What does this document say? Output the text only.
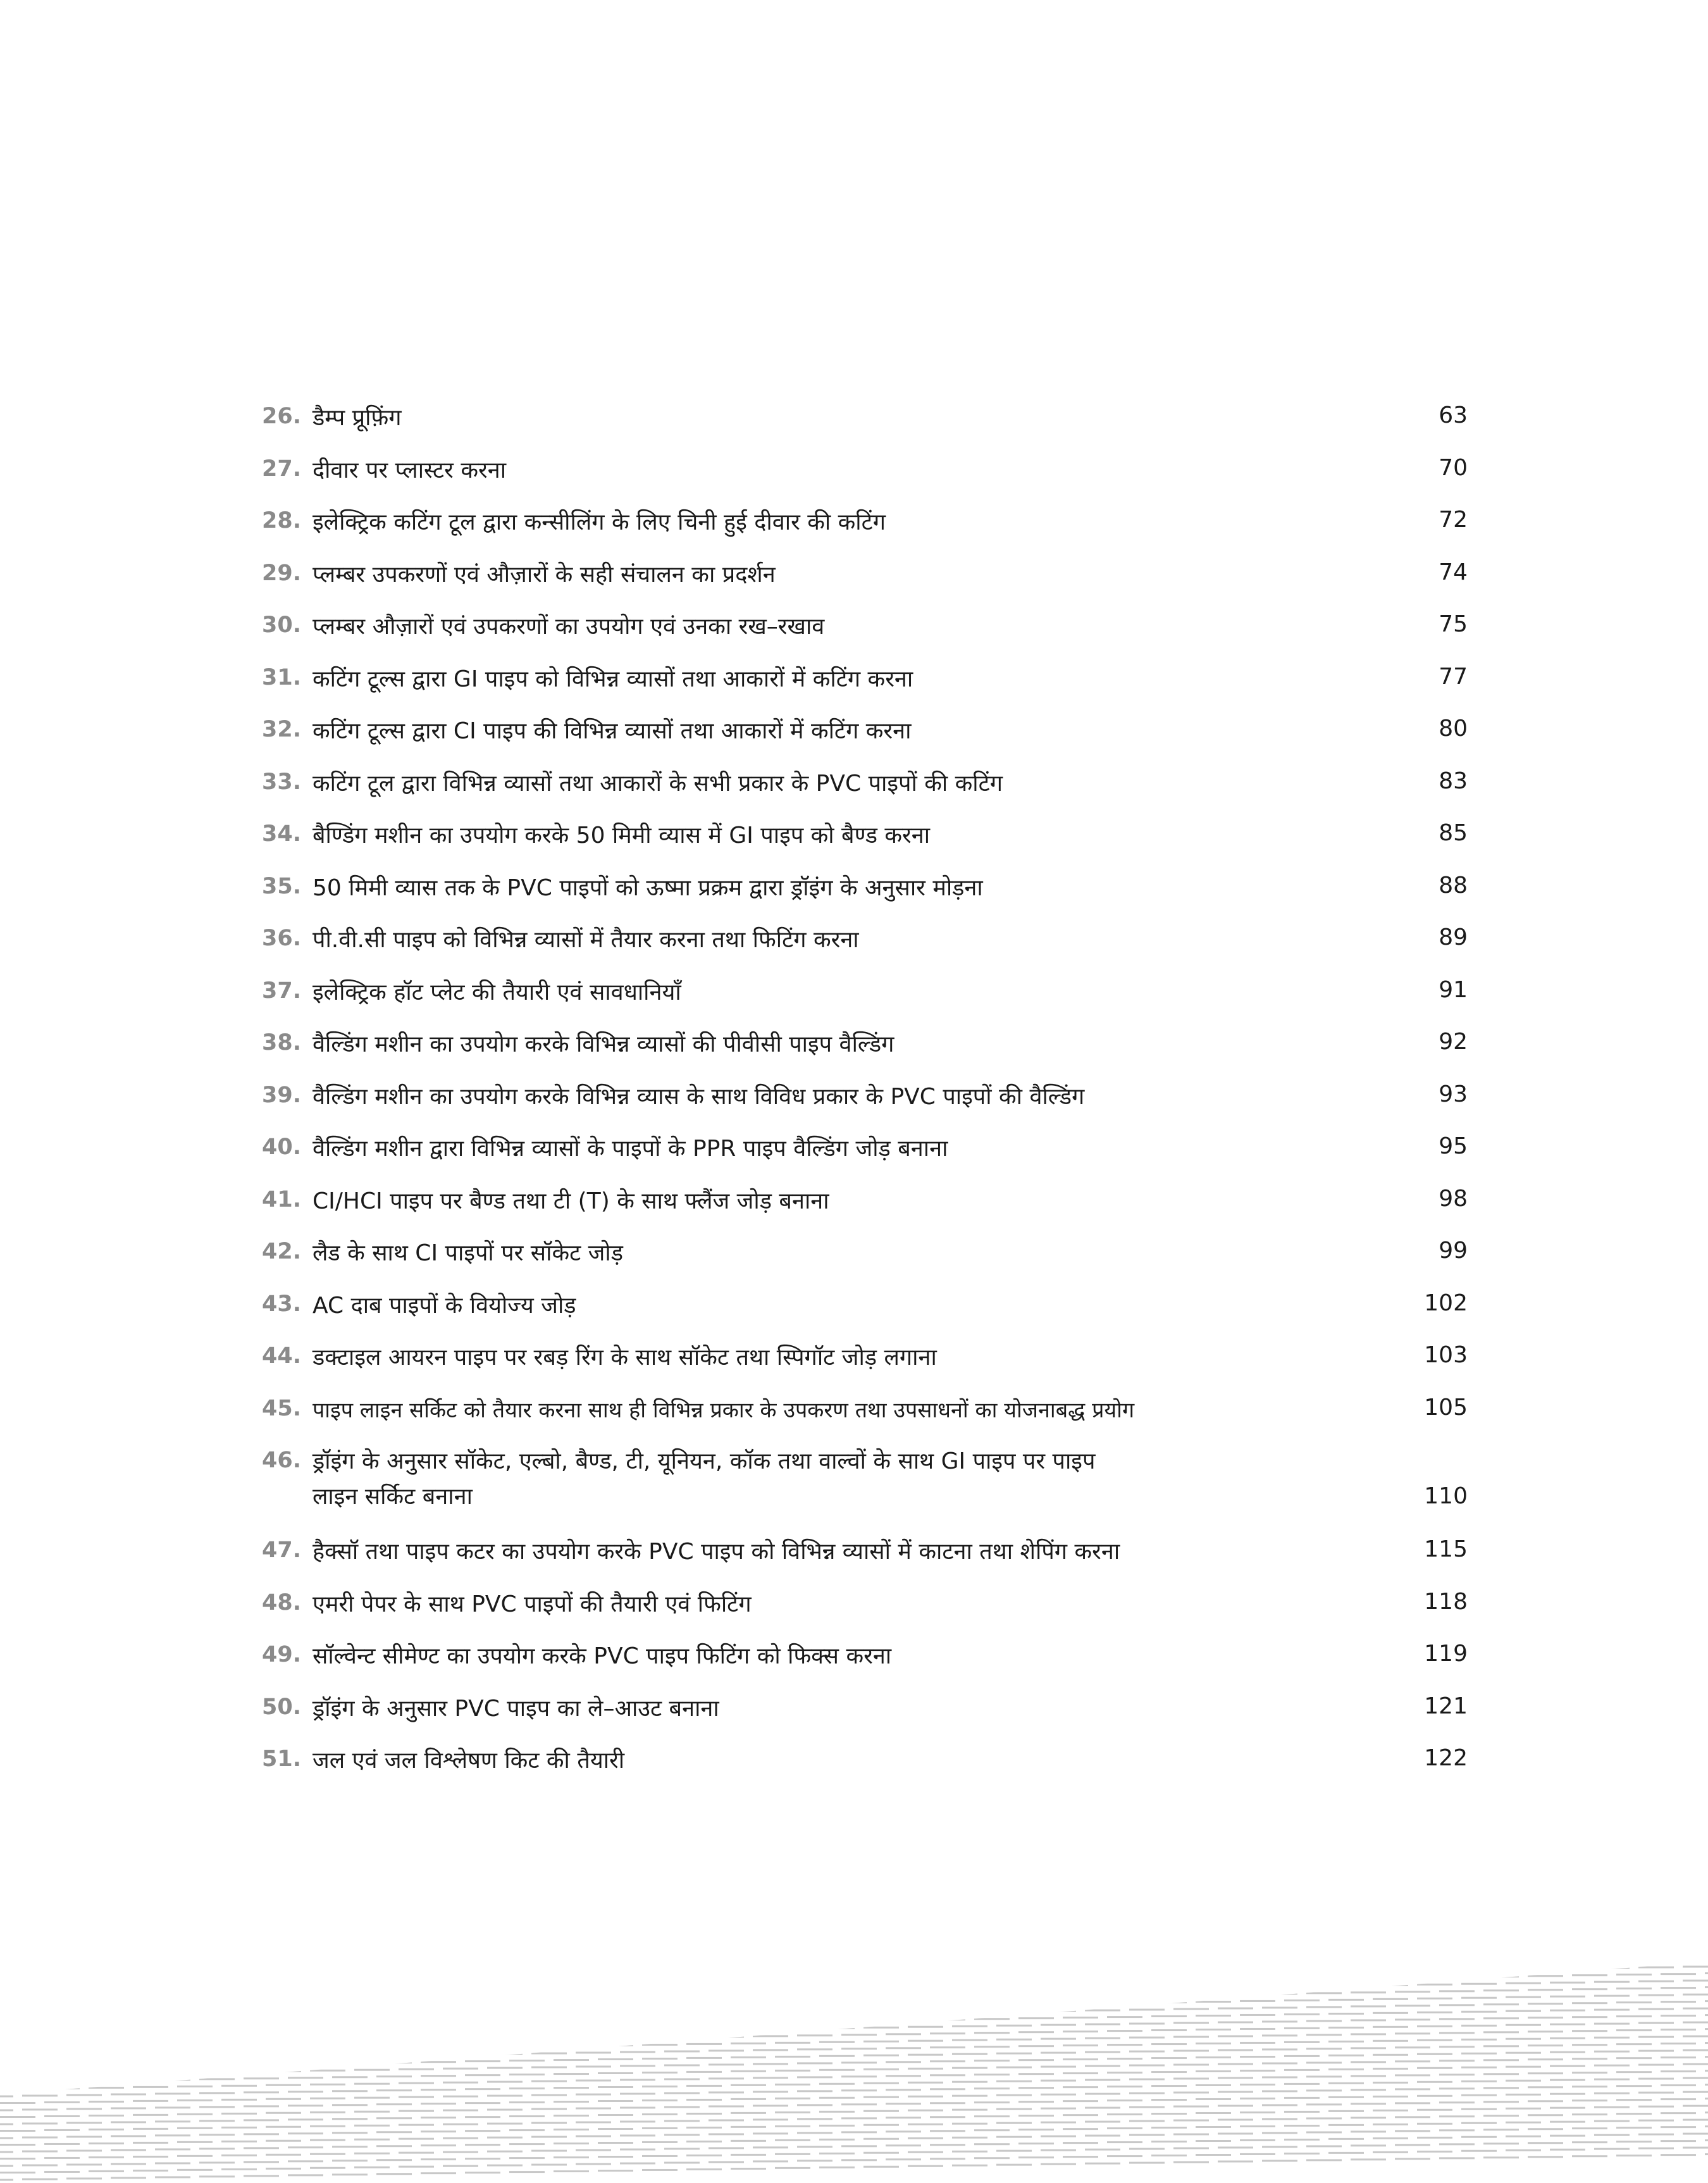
26. डैम्प प्रूफ़िंग	63
27. दीवार पर प्लास्टर करना	70
28. इलेक्ट्रिक कटिंग टूल द्वारा कन्सीलिंग के लिए चिनी हुई दीवार की कटिंग	72
29. प्लम्बर उपकरणों एवं औज़ारों के सही संचालन का प्रदर्शन	74
30. प्लम्बर औज़ारों एवं उपकरणों का उपयोग एवं उनका रख–रखाव	75
31. कटिंग टूल्स द्वारा GI पाइप को विभिन्न व्यासों तथा आकारों में कटिंग करना	77
32. कटिंग टूल्स द्वारा CI पाइप की विभिन्न व्यासों तथा आकारों में कटिंग करना	80
33. कटिंग टूल द्वारा विभिन्न व्यासों तथा आकारों के सभी प्रकार के PVC पाइपों की कटिंग	83
34. बैण्डिंग मशीन का उपयोग करके 50 मिमी व्यास में GI पाइप को बैण्ड करना	85
35. 50 मिमी व्यास तक के PVC पाइपों को ऊष्मा प्रक्रम द्वारा ड्रॉइंग के अनुसार मोड़ना	88
36. पी.वी.सी पाइप को विभिन्न व्यासों में तैयार करना तथा फिटिंग करना	89
37. इलेक्ट्रिक हॉट प्लेट की तैयारी एवं सावधानियाँ	91
38. वैल्डिंग मशीन का उपयोग करके विभिन्न व्यासों की पीवीसी पाइप वैल्डिंग	92
39. वैल्डिंग मशीन का उपयोग करके विभिन्न व्यास के साथ विविध प्रकार के PVC पाइपों की वैल्डिंग	93
40. वैल्डिंग मशीन द्वारा विभिन्न व्यासों के पाइपों के PPR पाइप वैल्डिंग जोड़ बनाना	95
41. CI/HCI पाइप पर बैण्ड तथा टी (T) के साथ फ्लैंज जोड़ बनाना	98
42. लैड के साथ CI पाइपों पर सॉकेट जोड़	99
43. AC दाब पाइपों के वियोज्य जोड़	102
44. डक्टाइल आयरन पाइप पर रबड़ रिंग के साथ सॉकेट तथा स्पिगॉट जोड़ लगाना	103
45. पाइप लाइन सर्किट को तैयार करना साथ ही विभिन्न प्रकार के उपकरण तथा उपसाधनों का योजनाबद्ध प्रयोग	105
46. ड्रॉइंग के अनुसार सॉकेट, एल्बो, बैण्ड, टी, यूनियन, कॉक तथा वाल्वों के साथ GI पाइप पर पाइप लाइन सर्किट बनाना	110
47. हैक्सॉ तथा पाइप कटर का उपयोग करके PVC पाइप को विभिन्न व्यासों में काटना तथा शेपिंग करना	115
48. एमरी पेपर के साथ PVC पाइपों की तैयारी एवं फिटिंग	118
49. सॉल्वेन्ट सीमेण्ट का उपयोग करके PVC पाइप फिटिंग को फिक्स करना	119
50. ड्रॉइंग के अनुसार PVC पाइप का ले–आउट बनाना	121
51. जल एवं जल विश्लेषण किट की तैयारी	122
